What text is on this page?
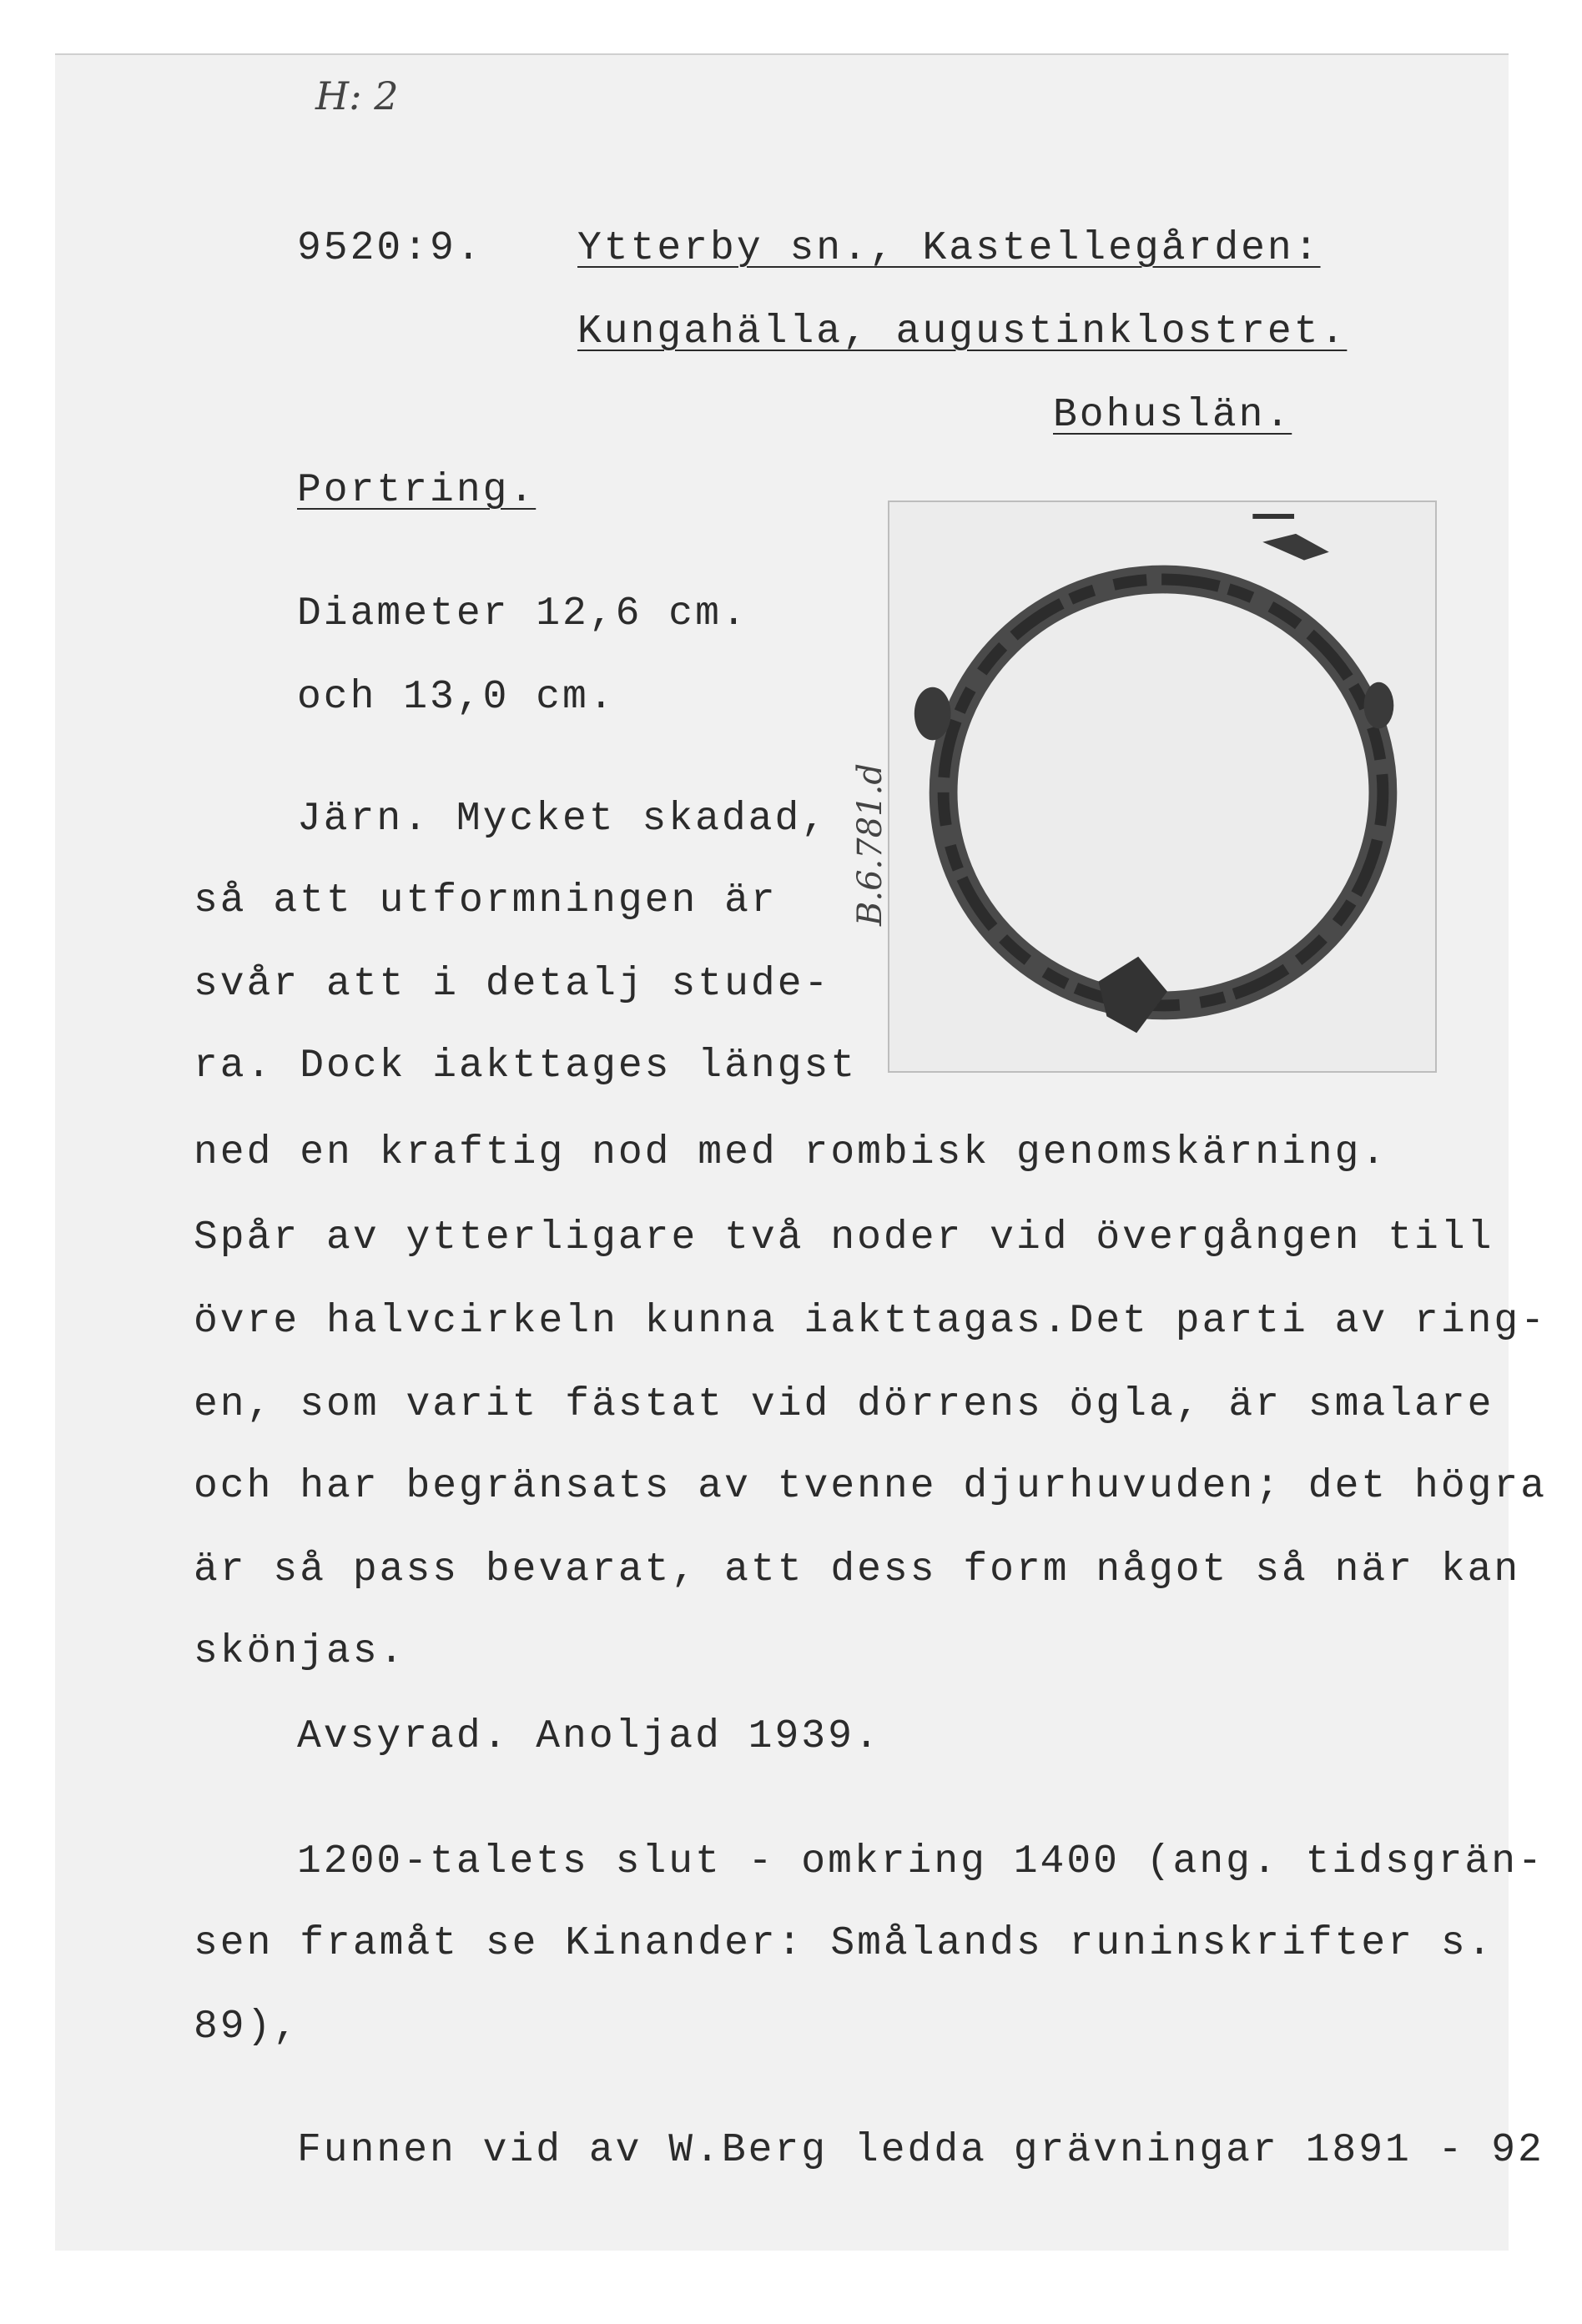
H: 2
9520:9. Ytterby sn., Kastellegården:
Kungahälla, augustinklostret.
Bohuslän.
Portring.
Diameter 12,6 cm.
och 13,0 cm.
B.6.781.d
Järn. Mycket skadad,
så att utformningen är
svår att i detalj stude-
ra. Dock iakttages längst
ned en kraftig nod med rombisk genomskärning.
Spår av ytterligare två noder vid övergången till
övre halvcirkeln kunna iakttagas.Det parti av ring-
en, som varit fästat vid dörrens ögla, är smalare
och har begränsats av tvenne djurhuvuden; det högra
är så pass bevarat, att dess form något så när kan
skönjas.
Avsyrad. Anoljad 1939.
1200-talets slut - omkring 1400 (ang. tidsgrän-
sen framåt se Kinander: Smålands runinskrifter s.
89),
Funnen vid av W.Berg ledda grävningar 1891 - 92
